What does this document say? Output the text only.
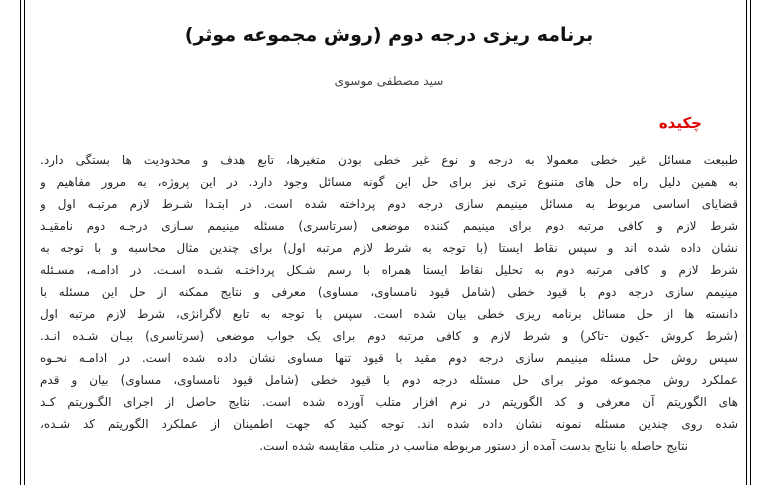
برنامه ریزی درجه دوم (روش مجموعه موثر)
سید مصطفی موسوی
چکیده
طبیعت مسائل غیر خطی معمولا به درجه و نوع غیر خطی بودن متغیرها، تابع هدف و محدودیت ها بستگی دارد.
به همین دلیل راه حل های متنوع تری نیز برای حل این گونه مسائل وجود دارد. در این پروژه، به مرور مفاهیم و
قضایای اساسی مربوط به مسائل مینیمم سازی درجه دوم پرداخته شده است. در ابتـدا شـرط لازم مرتبـه اول و
شرط لازم و کافی مرتبه دوم برای مینیمم کننده موضعی (سرتاسری) مسئله مینیمم سـازی درجـه دوم نامقیـد
نشان داده شده اند و سپس نقاط ایستا (با توجه به شرط لازم مرتبه اول) برای چندین مثال محاسبه و با توجه به
شرط لازم و کافی مرتبه دوم به تحلیل نقاط ایستا همراه با رسم شـکل پرداختـه شـده اسـت. در ادامـه، مسـئله
مینیمم سازی درجه دوم با قیود خطی (شامل قیود نامساوی، مساوی) معرفی و نتایج ممکنه از حل این مسئله با
دانسته ها از حل مسائل برنامه ریزی خطی بیان شده است. سپس با توجه به تابع لاگرانژی، شرط لازم مرتبه اول
(شرط کروش -کیون -تاکر) و شرط لازم و کافی مرتبه دوم برای یک جواب موضعی (سرتاسری) بیـان شـده انـد.
سپس روش حل مسئله مینیمم سازی درجه دوم مقید با قیود تنها مساوی نشان داده شده است. در ادامـه نحـوه
عملکرد روش مجموعه موثر برای حل مسئله درجه دوم با قیود خطی (شامل قیود نامساوی، مساوی) بیان و قدم
های الگوریتم آن معرفی و کد الگوریتم در نرم افزار متلب آورده شده است. نتایج حاصل از اجرای الگـوریتم کـد
شده روی چندین مسئله نمونه نشان داده شده اند. توجه کنید که جهت اطمینان از عملکرد الگوریتم کد شـده،
نتایج حاصله با نتایج بدست آمده از دستور مربوطه مناسب در متلب مقایسه شده است.
